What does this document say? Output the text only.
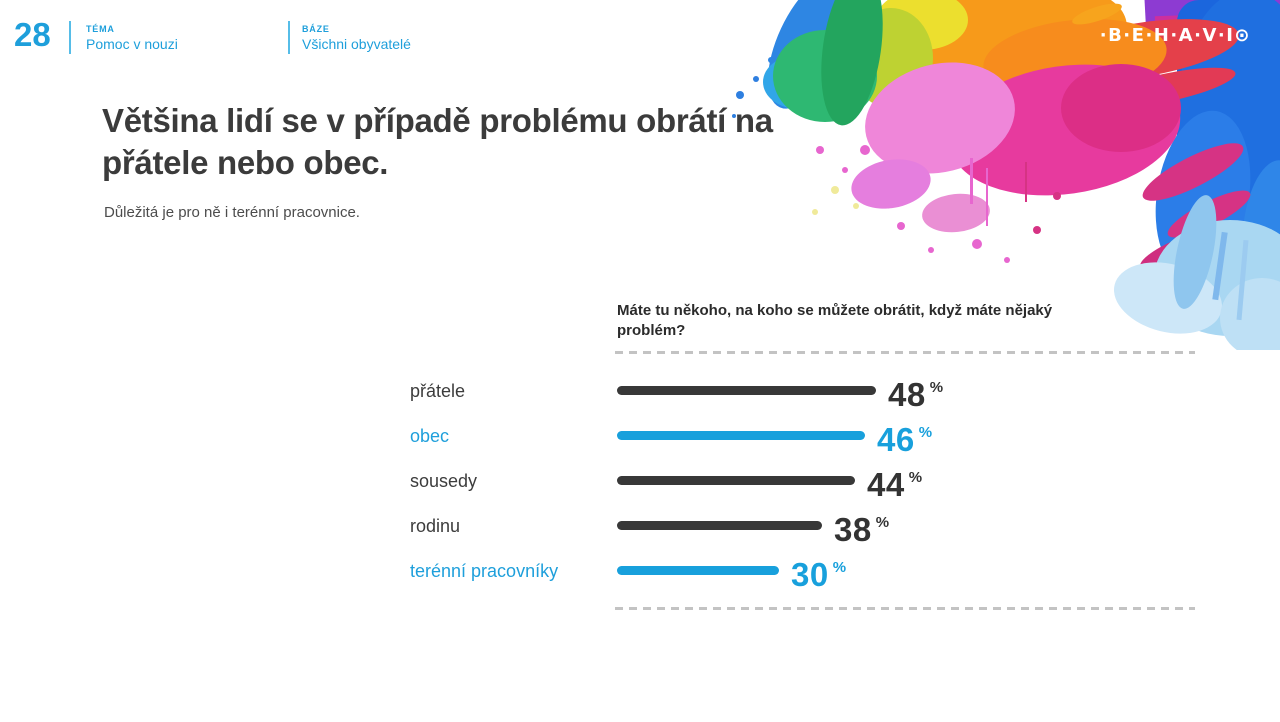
28	TÉMA
Pomoc v nouzi
BÁZE
Všichni obyvatelé	·B·E·H·A·V·I⊙
Většina lidí se v případě problému obrátí na
přátele nebo obec.
Důležitá je pro ně i terénní pracovnice.
Máte tu někoho, na koho se můžete obrátit, když máte nějaký
problém?
přátele	48 %
obec	46 %
sousedy	44 %
rodinu	38 %
terénní pracovníky	30 %
